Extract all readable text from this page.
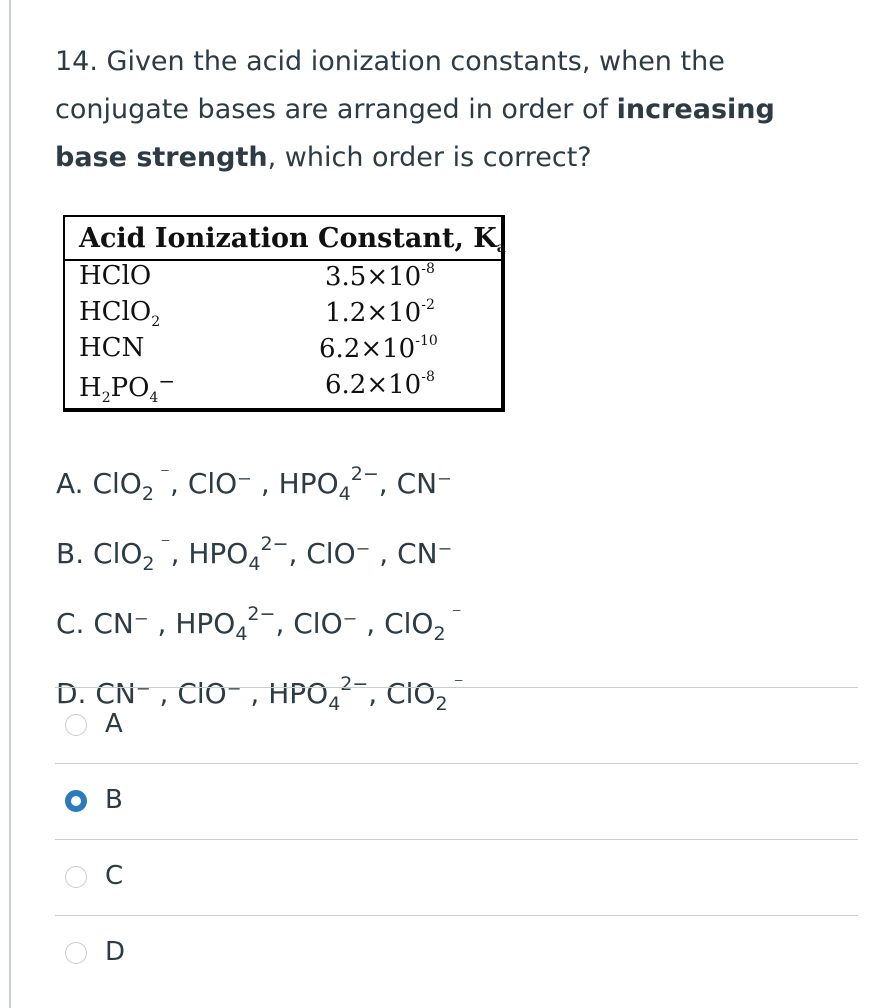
14. Given the acid ionization constants, when the conjugate bases are arranged in order of increasing base strength, which order is correct?
Acid Ionization Constant, $K_a$
HClO	$3.5\times 10^{-8}$
HClO$_2$	$1.2\times 10^{-2}$
HCN	$6.2\times 10^{-10}$
$H_2PO_4^-$	$6.2\times 10^{-8}$
A. ClO$_2$ ⁻, ClO⁻ , $HPO_4^{2-}$, CN⁻
B. ClO$_2$ ⁻, $HPO_4^{2-}$, ClO⁻ , CN⁻
C. CN⁻ , $HPO_4^{2-}$, ClO⁻ , ClO$_2$ ⁻
D. CN⁻ , ClO⁻ , $HPO_4^{2-}$, ClO$_2$ ⁻
A
B
C
D
